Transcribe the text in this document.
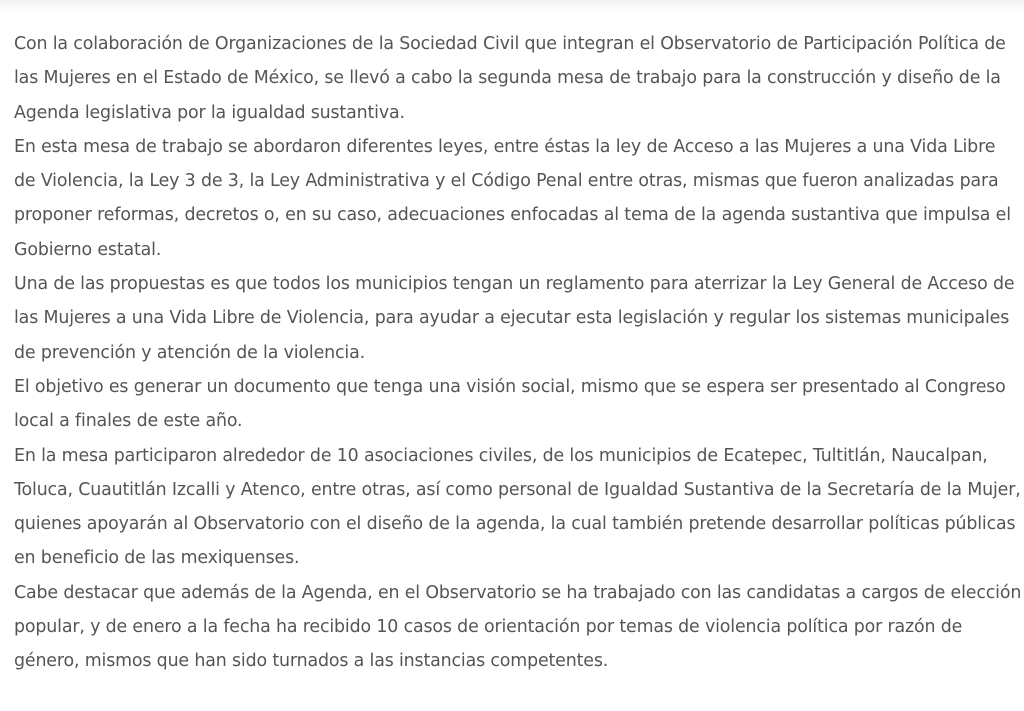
Con la colaboración de Organizaciones de la Sociedad Civil que integran el Observatorio de Participación Política de las Mujeres en el Estado de México, se llevó a cabo la segunda mesa de trabajo para la construcción y diseño de la Agenda legislativa por la igualdad sustantiva.

En esta mesa de trabajo se abordaron diferentes leyes, entre éstas la ley de Acceso a las Mujeres a una Vida Libre de Violencia, la Ley 3 de 3, la Ley Administrativa y el Código Penal entre otras, mismas que fueron analizadas para proponer reformas, decretos o, en su caso, adecuaciones enfocadas al tema de la agenda sustantiva que impulsa el Gobierno estatal.

Una de las propuestas es que todos los municipios tengan un reglamento para aterrizar la Ley General de Acceso de las Mujeres a una Vida Libre de Violencia, para ayudar a ejecutar esta legislación y regular los sistemas municipales de prevención y atención de la violencia.

El objetivo es generar un documento que tenga una visión social, mismo que se espera ser presentado al Congreso local a finales de este año.

En la mesa participaron alrededor de 10 asociaciones civiles, de los municipios de Ecatepec, Tultitlán, Naucalpan, Toluca, Cuautitlán Izcalli y Atenco, entre otras, así como personal de Igualdad Sustantiva de la Secretaría de la Mujer, quienes apoyarán al Observatorio con el diseño de la agenda, la cual también pretende desarrollar políticas públicas en beneficio de las mexiquenses.

Cabe destacar que además de la Agenda, en el Observatorio se ha trabajado con las candidatas a cargos de elección popular, y de enero a la fecha ha recibido 10 casos de orientación por temas de violencia política por razón de género, mismos que han sido turnados a las instancias competentes.
